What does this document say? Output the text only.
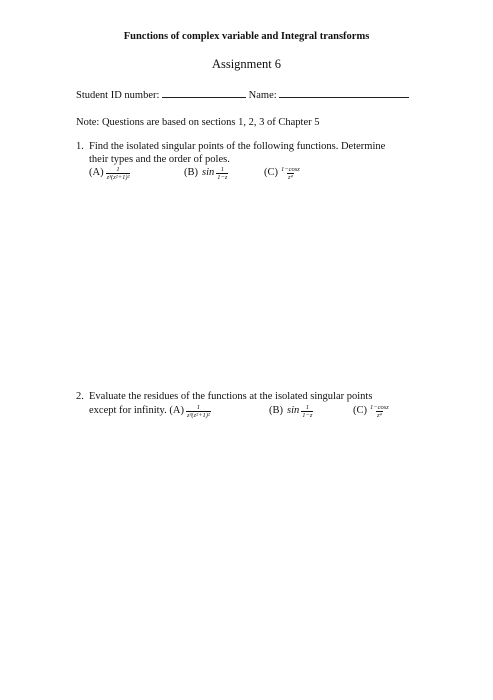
Functions of complex variable and Integral transforms
Assignment 6
Student ID number:	Name:
Note: Questions are based on sections 1, 2, 3 of Chapter 5
1. Find the isolated singular points of the following functions. Determine
their types and the order of poles.
$(A) \frac{1}{\text{z³(z²+1)²}}$	(B) $\sin \frac{1}{1-z}$	$(C) \frac{1-\cos z}{\text{z⁴}}$
2. Evaluate the residues of the functions at the isolated singular points
except for infinity. $(A) \frac{1}{\text{z³(z²+1)²}}$	(B) $\sin \frac{1}{1-z}$	$(C) \frac{1-\cos z}{\text{z⁴}}$
